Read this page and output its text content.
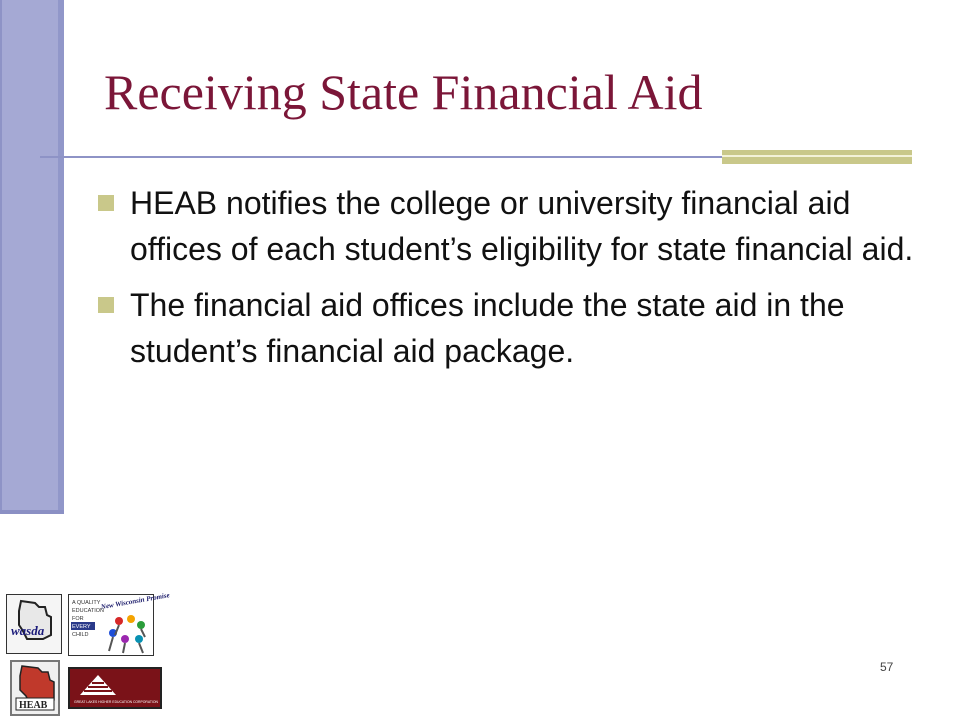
Receiving State Financial Aid
HEAB notifies the college or university financial aid offices of each student’s eligibility for state financial aid.
The financial aid offices include the state aid in the student’s financial aid package.
wasda
A QUALITY
EDUCATION
FOR
EVERY
CHILD
New Wisconsin Promise
HEAB	GREAT LAKES HIGHER EDUCATION CORPORATION
57
